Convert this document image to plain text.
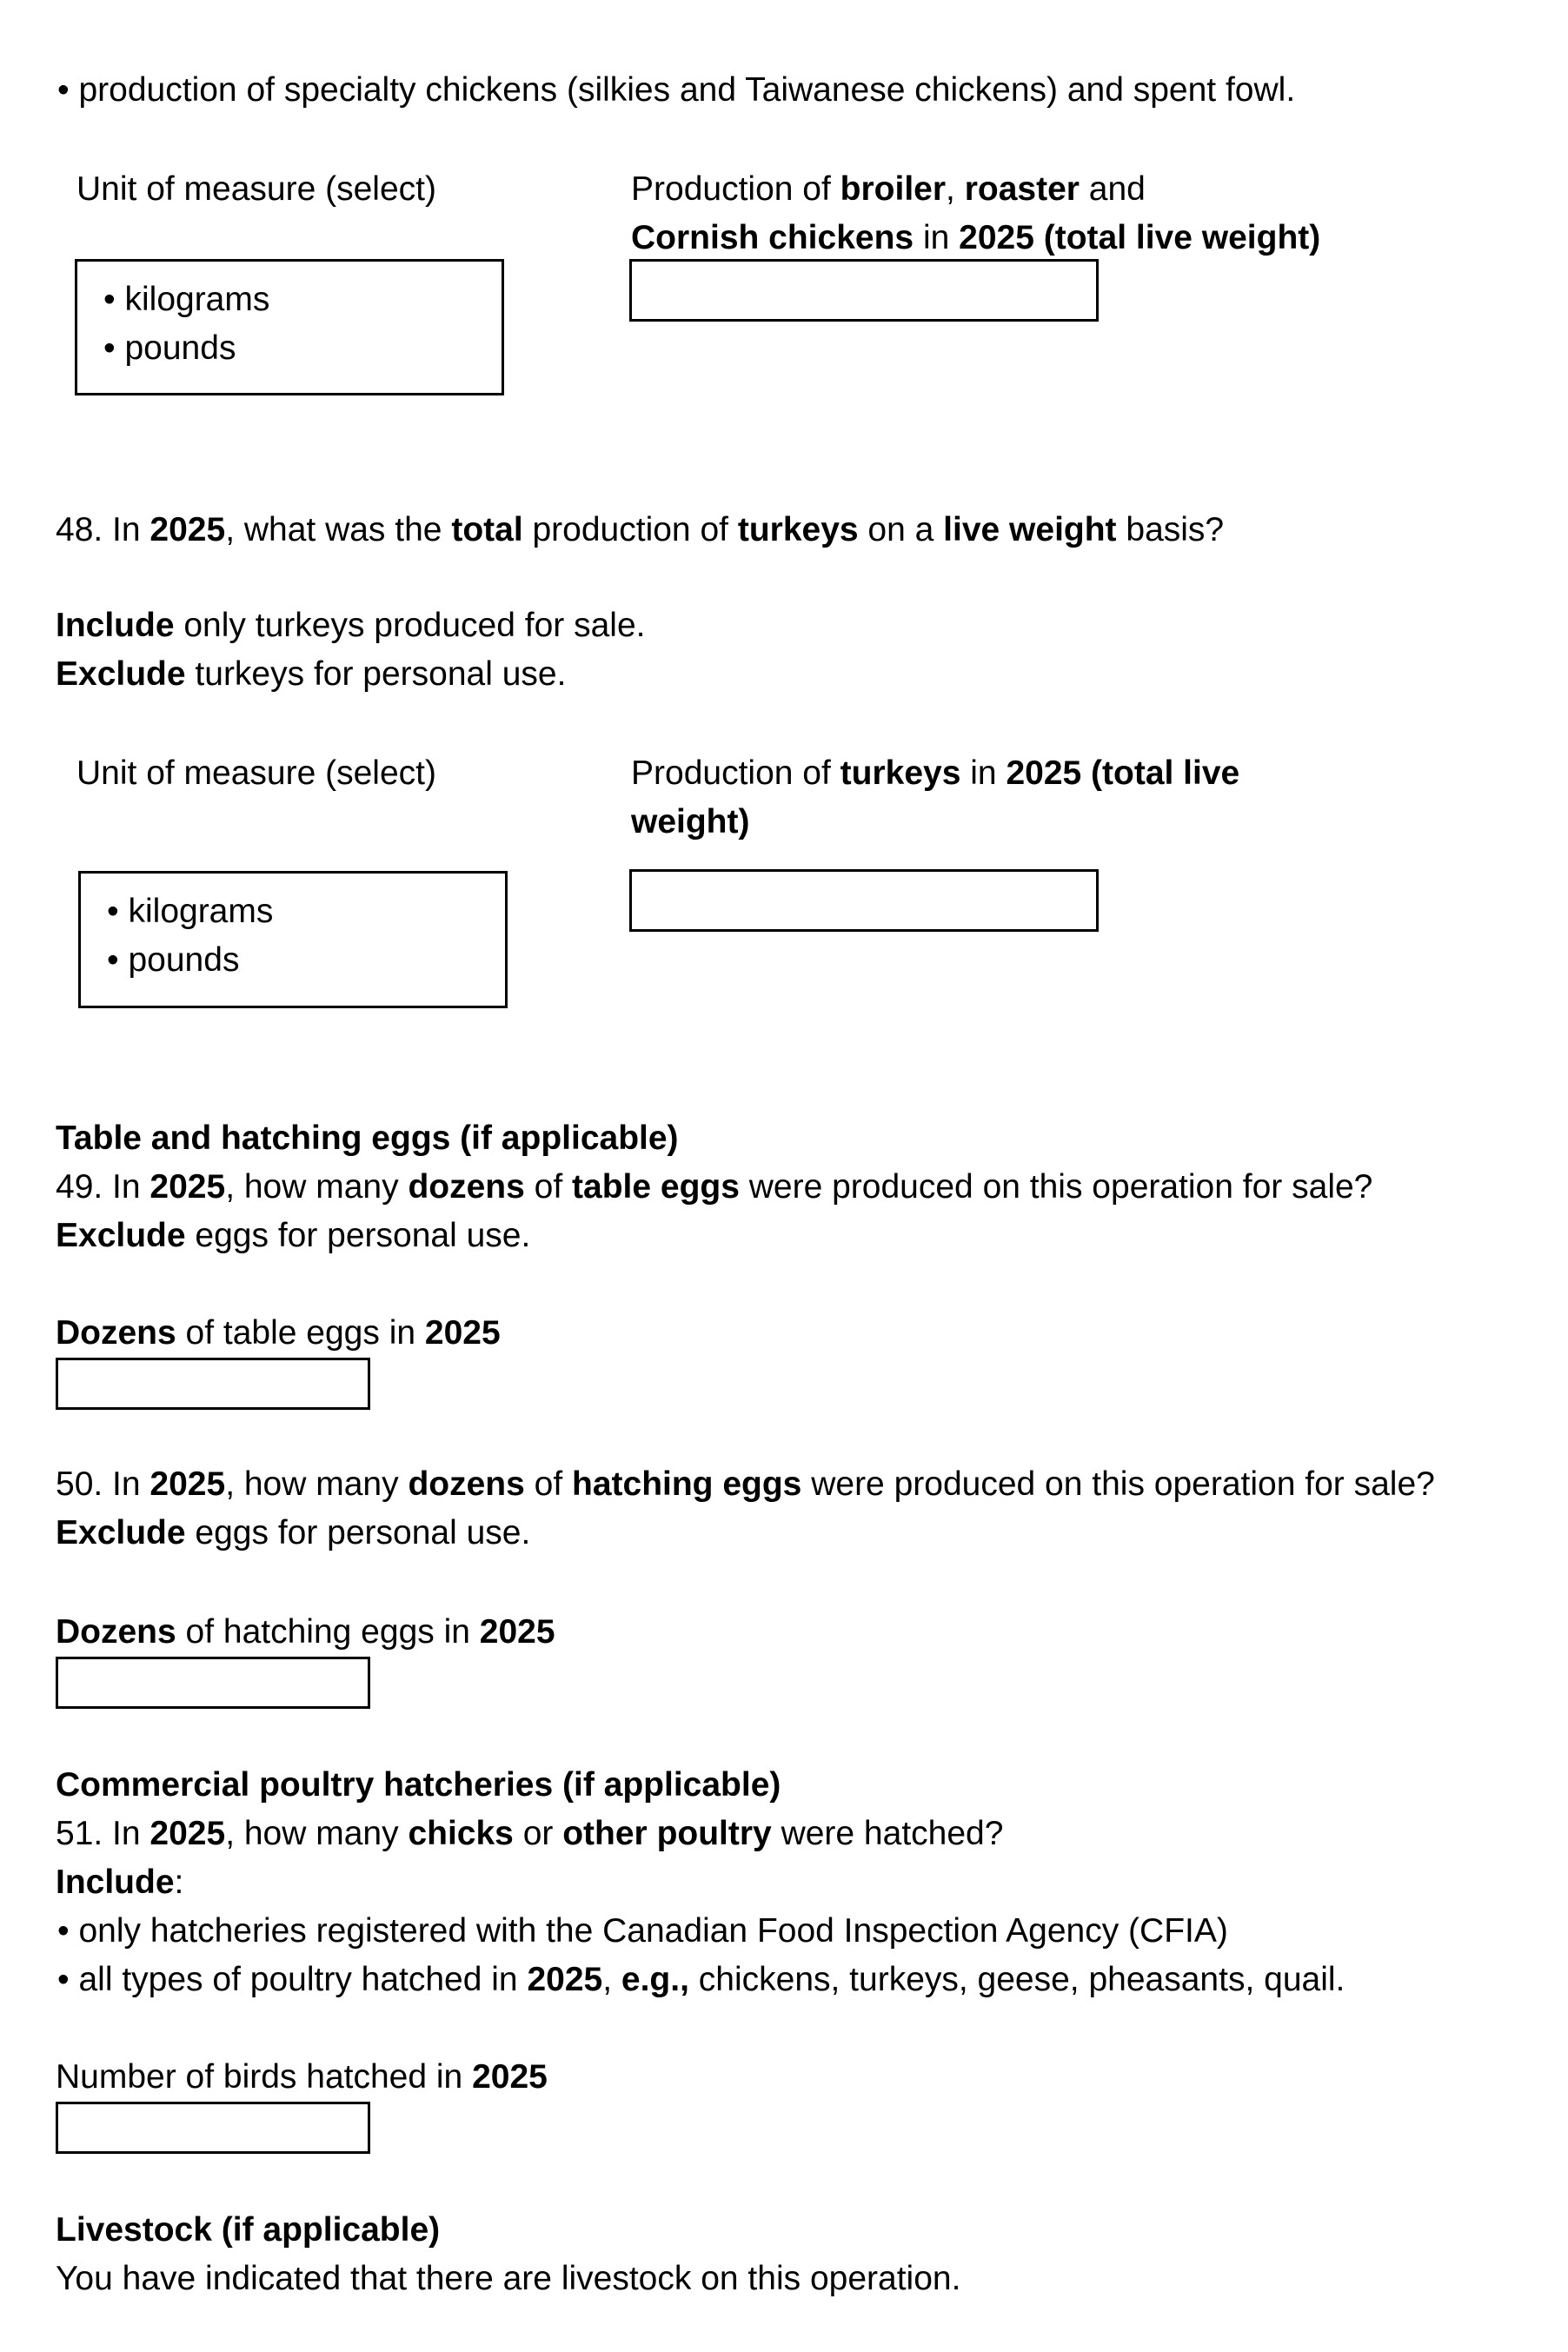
• production of specialty chickens (silkies and Taiwanese chickens) and spent fowl.
Unit of measure (select)	Production of broiler, roaster and
Cornish chickens in 2025 (total live weight)
• kilograms
• pounds
48. In 2025, what was the total production of turkeys on a live weight basis?
Include only turkeys produced for sale.
Exclude turkeys for personal use.
Unit of measure (select)	Production of turkeys in 2025 (total live
weight)
• kilograms
• pounds
Table and hatching eggs (if applicable)
49. In 2025, how many dozens of table eggs were produced on this operation for sale?
Exclude eggs for personal use.
Dozens of table eggs in 2025
50. In 2025, how many dozens of hatching eggs were produced on this operation for sale?
Exclude eggs for personal use.
Dozens of hatching eggs in 2025
Commercial poultry hatcheries (if applicable)
51. In 2025, how many chicks or other poultry were hatched?
Include:
• only hatcheries registered with the Canadian Food Inspection Agency (CFIA)
• all types of poultry hatched in 2025, e.g., chickens, turkeys, geese, pheasants, quail.
Number of birds hatched in 2025
Livestock (if applicable)
You have indicated that there are livestock on this operation.
